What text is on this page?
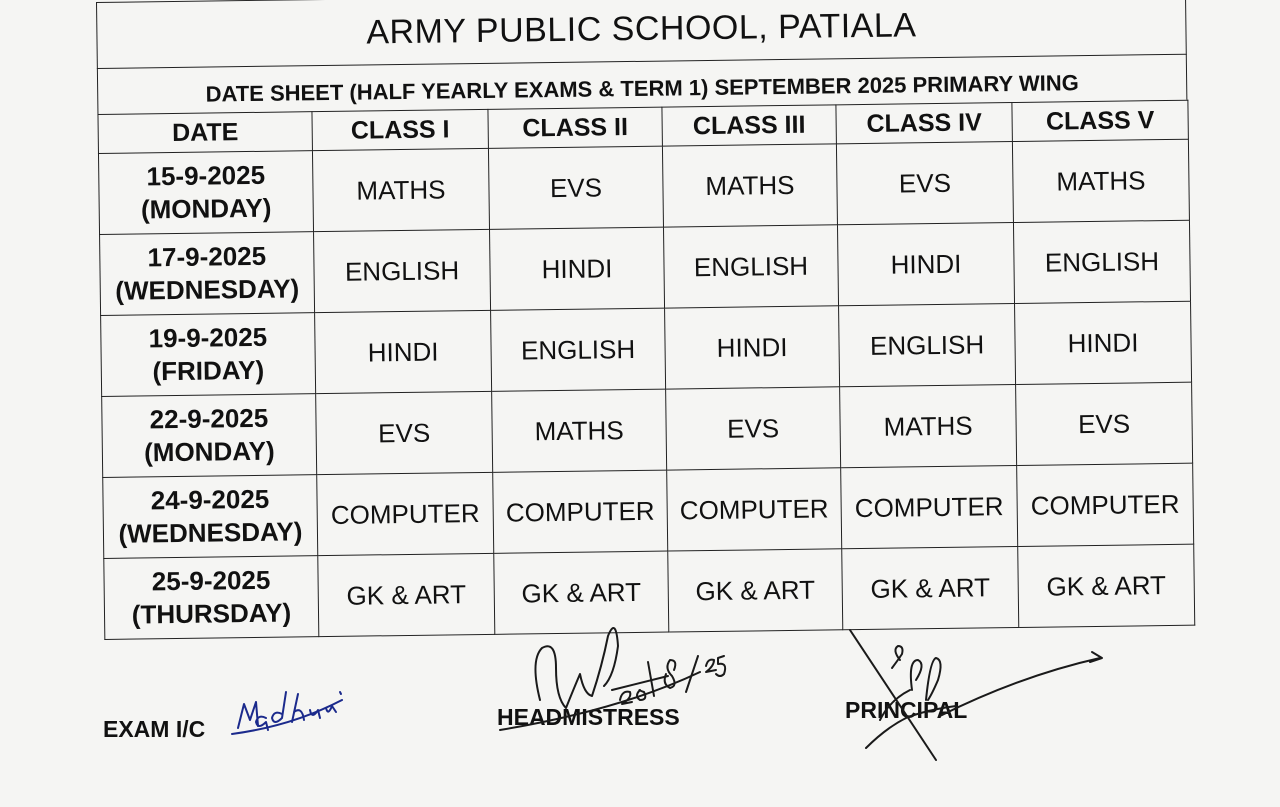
ARMY PUBLIC SCHOOL, PATIALA
DATE SHEET (HALF YEARLY EXAMS & TERM 1) SEPTEMBER 2025 PRIMARY WING
DATE	CLASS I	CLASS II	CLASS III	CLASS IV	CLASS V

15-9-2025
(MONDAY)	MATHS	EVS	MATHS	EVS	MATHS

17-9-2025
(WEDNESDAY)	ENGLISH	HINDI	ENGLISH	HINDI	ENGLISH

19-9-2025
(FRIDAY)	HINDI	ENGLISH	HINDI	ENGLISH	HINDI

22-9-2025
(MONDAY)	EVS	MATHS	EVS	MATHS	EVS

24-9-2025
(WEDNESDAY)	COMPUTER	COMPUTER	COMPUTER	COMPUTER	COMPUTER

25-9-2025
(THURSDAY)	GK & ART	GK & ART	GK & ART	GK & ART	GK & ART
EXAM I/C	HEADMISTRESS	PRINCIPAL
